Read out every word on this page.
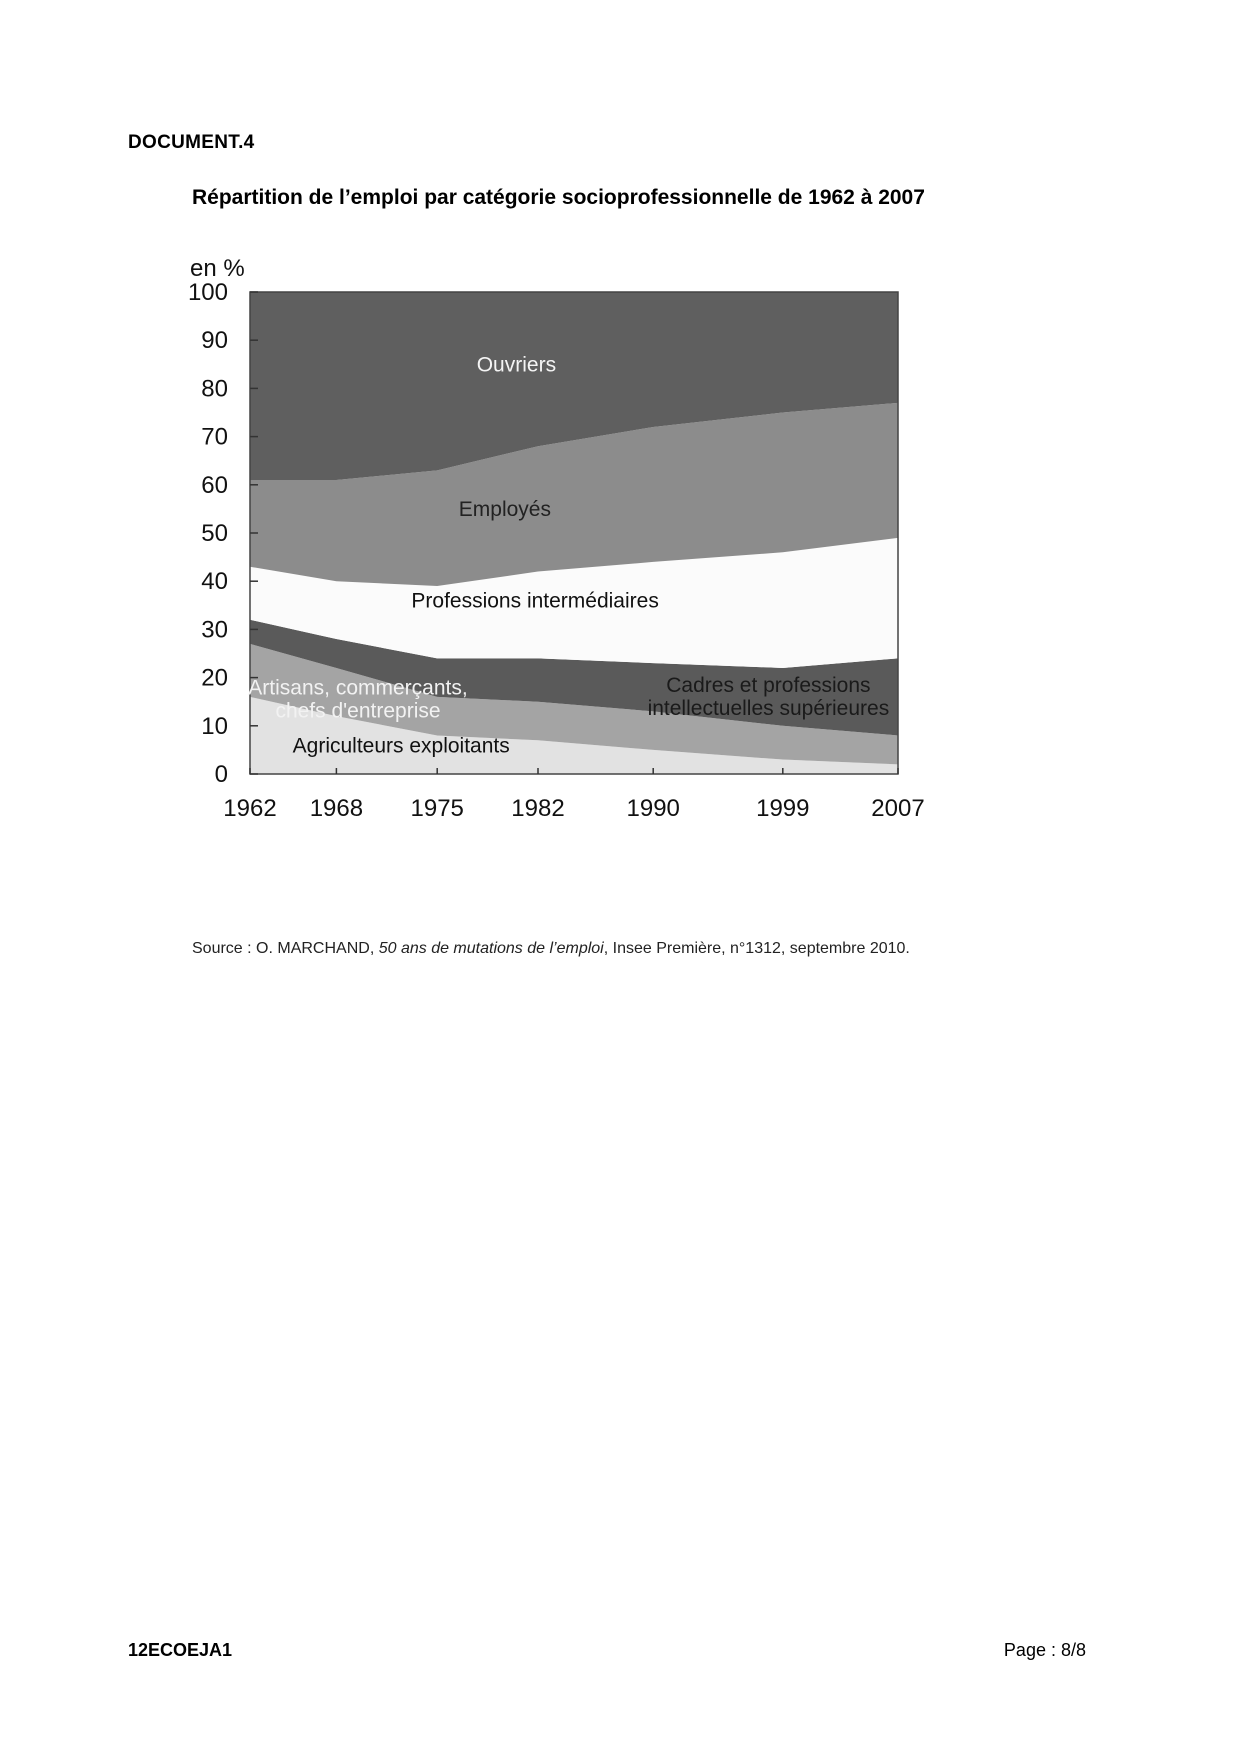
DOCUMENT.4
Répartition de l’emploi par catégorie socioprofessionnelle de 1962 à 2007
en %
0
10
20
30
40
50
60
70
80
90
100
1962 1968 1975 1982	1990	1999	2007
Agriculteurs exploitants
Artisans, commerçants, chefs d'entreprise
Cadres et professions intellectuelles supérieures
Professions intermédiaires
Employés
Ouvriers
Source : O. MARCHAND, 50 ans de mutations de l’emploi, Insee Première, n°1312, septembre 2010.
12ECOEJA1	Page : 8/8
